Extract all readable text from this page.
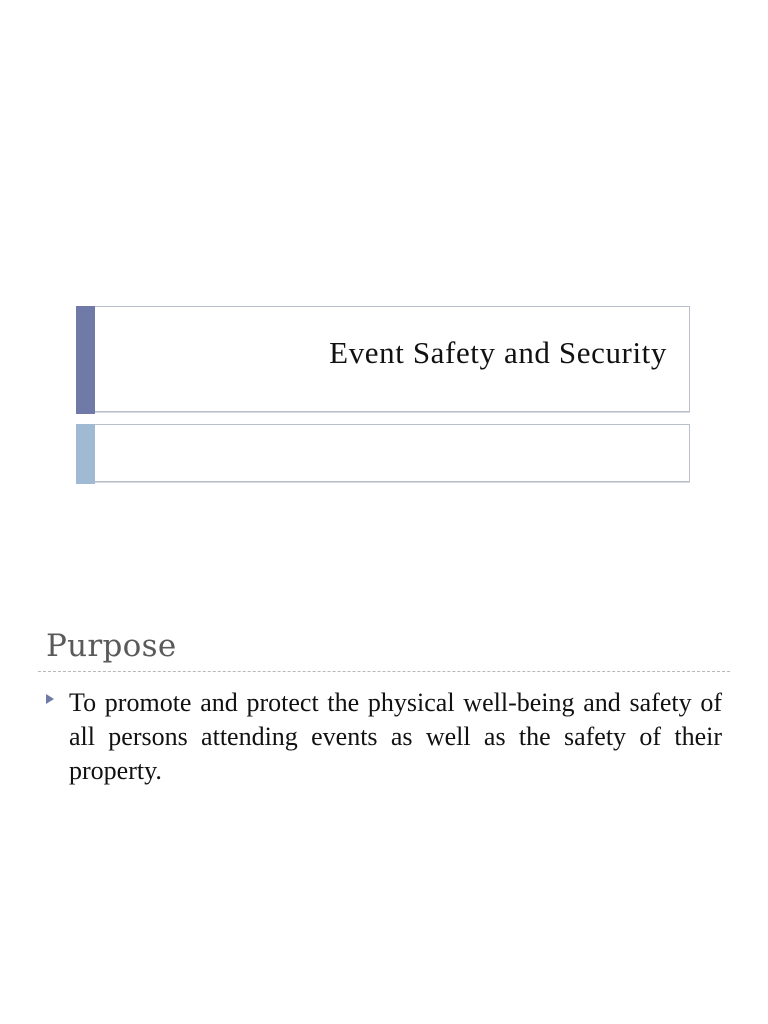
Event Safety and Security
Purpose
To promote and protect the physical well-being and safety of all persons attending events as well as the safety of their property.
